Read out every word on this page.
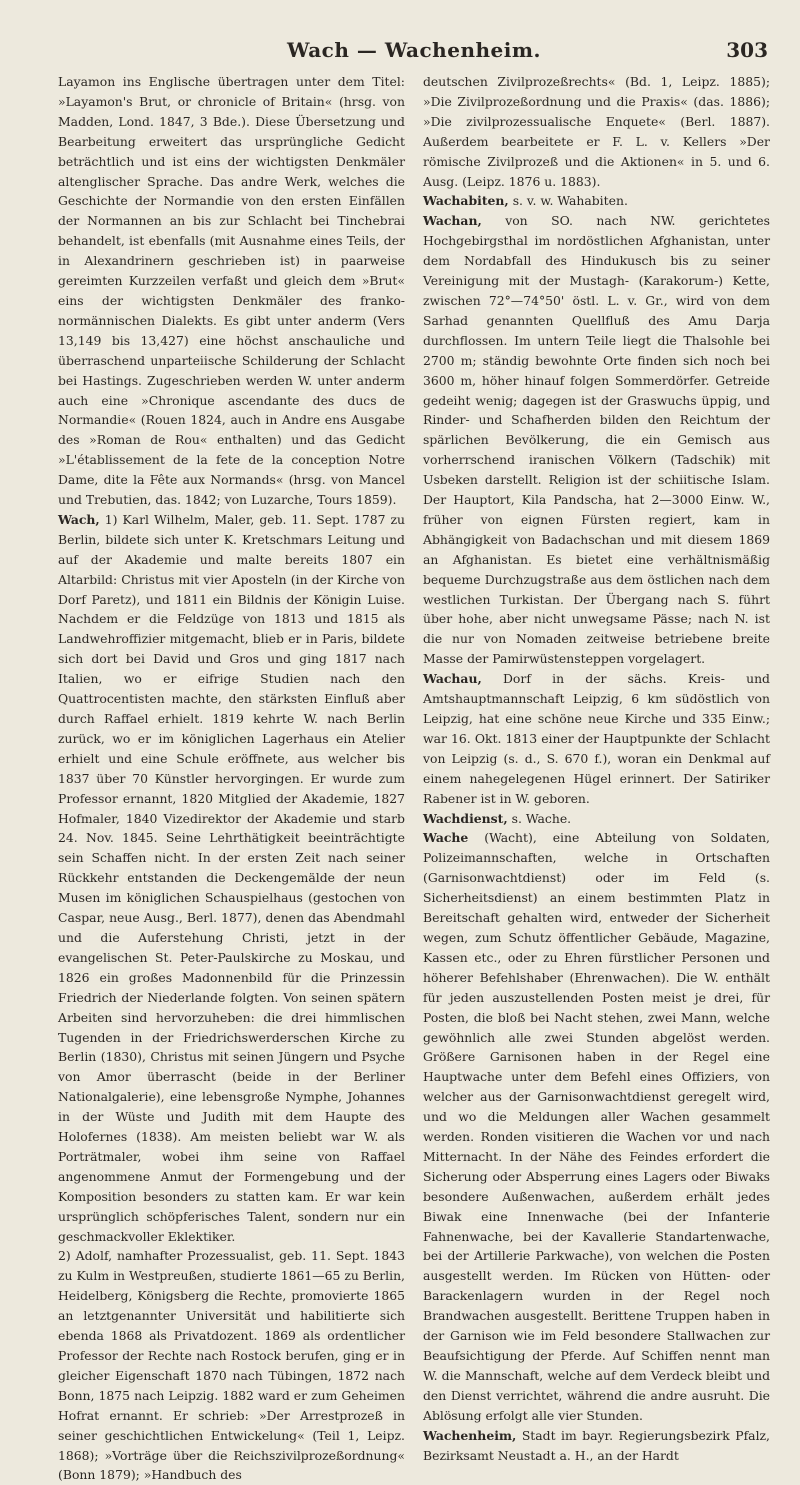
Wach — Wachenheim.	303

Layamon ins Englische übertragen unter dem Titel: »Layamon's Brut, or chronicle of Britain« (hrsg. von Madden, Lond. 1847, 3 Bde.). Diese Übersetzung und Bearbeitung erweitert das ursprüngliche Gedicht beträchtlich und ist eins der wichtigsten Denkmäler altenglischer Sprache. Das andre Werk, welches die Geschichte der Normandie von den ersten Einfällen der Normannen an bis zur Schlacht bei Tinchebrai behandelt, ist ebenfalls (mit Ausnahme eines Teils, der in Alexandrinern geschrieben ist) in paarweise gereimten Kurzzeilen verfaßt und gleich dem »Brut« eins der wichtigsten Denkmäler des franko-normännischen Dialekts. Es gibt unter anderm (Vers 13,149 bis 13,427) eine höchst anschauliche und überraschend unparteiische Schilderung der Schlacht bei Hastings. Zugeschrieben werden W. unter anderm auch eine »Chronique ascendante des ducs de Normandie« (Rouen 1824, auch in Andre ens Ausgabe des »Roman de Rou« enthalten) und das Gedicht »L'établissement de la fete de la conception Notre Dame, dite la Fête aux Normands« (hrsg. von Mancel und Trebutien, das. 1842; von Luzarche, Tours 1859).

Wach, 1) Karl Wilhelm, Maler, geb. 11. Sept. 1787 zu Berlin, bildete sich unter K. Kretschmars Leitung und auf der Akademie und malte bereits 1807 ein Altarbild: Christus mit vier Aposteln (in der Kirche von Dorf Paretz), und 1811 ein Bildnis der Königin Luise. Nachdem er die Feldzüge von 1813 und 1815 als Landwehroffizier mitgemacht, blieb er in Paris, bildete sich dort bei David und Gros und ging 1817 nach Italien, wo er eifrige Studien nach den Quattrocentisten machte, den stärksten Einfluß aber durch Raffael erhielt. 1819 kehrte W. nach Berlin zurück, wo er im königlichen Lagerhaus ein Atelier erhielt und eine Schule eröffnete, aus welcher bis 1837 über 70 Künstler hervorgingen. Er wurde zum Professor ernannt, 1820 Mitglied der Akademie, 1827 Hofmaler, 1840 Vizedirektor der Akademie und starb 24. Nov. 1845. Seine Lehrthätigkeit beeinträchtigte sein Schaffen nicht. In der ersten Zeit nach seiner Rückkehr entstanden die Deckengemälde der neun Musen im königlichen Schauspielhaus (gestochen von Caspar, neue Ausg., Berl. 1877), denen das Abendmahl und die Auferstehung Christi, jetzt in der evangelischen St. Peter-Paulskirche zu Moskau, und 1826 ein großes Madonnenbild für die Prinzessin Friedrich der Niederlande folgten. Von seinen spätern Arbeiten sind hervorzuheben: die drei himmlischen Tugenden in der Friedrichswerderschen Kirche zu Berlin (1830), Christus mit seinen Jüngern und Psyche von Amor überrascht (beide in der Berliner Nationalgalerie), eine lebensgroße Nymphe, Johannes in der Wüste und Judith mit dem Haupte des Holofernes (1838). Am meisten beliebt war W. als Porträtmaler, wobei ihm seine von Raffael angenommene Anmut der Formengebung und der Komposition besonders zu statten kam. Er war kein ursprünglich schöpferisches Talent, sondern nur ein geschmackvoller Eklektiker.

2) Adolf, namhafter Prozessualist, geb. 11. Sept. 1843 zu Kulm in Westpreußen, studierte 1861—65 zu Berlin, Heidelberg, Königsberg die Rechte, promovierte 1865 an letztgenannter Universität und habilitierte sich ebenda 1868 als Privatdozent. 1869 als ordentlicher Professor der Rechte nach Rostock berufen, ging er in gleicher Eigenschaft 1870 nach Tübingen, 1872 nach Bonn, 1875 nach Leipzig. 1882 ward er zum Geheimen Hofrat ernannt. Er schrieb: »Der Arrestprozeß in seiner geschichtlichen Entwickelung« (Teil 1, Leipz. 1868); »Vorträge über die Reichszivilprozeßordnung« (Bonn 1879); »Handbuch des

deutschen Zivilprozeßrechts« (Bd. 1, Leipz. 1885); »Die Zivilprozeßordnung und die Praxis« (das. 1886); »Die zivilprozessualische Enquete« (Berl. 1887). Außerdem bearbeitete er F. L. v. Kellers »Der römische Zivilprozeß und die Aktionen« in 5. und 6. Ausg. (Leipz. 1876 u. 1883).

Wachabiten, s. v. w. Wahabiten.

Wachan, von SO. nach NW. gerichtetes Hochgebirgsthal im nordöstlichen Afghanistan, unter dem Nordabfall des Hindukusch bis zu seiner Vereinigung mit der Mustagh- (Karakorum-) Kette, zwischen 72°—74°50' östl. L. v. Gr., wird von dem Sarhad genannten Quellfluß des Amu Darja durchflossen. Im untern Teile liegt die Thalsohle bei 2700 m; ständig bewohnte Orte finden sich noch bei 3600 m, höher hinauf folgen Sommerdörfer. Getreide gedeiht wenig; dagegen ist der Graswuchs üppig, und Rinder- und Schafherden bilden den Reichtum der spärlichen Bevölkerung, die ein Gemisch aus vorherrschend iranischen Völkern (Tadschik) mit Usbeken darstellt. Religion ist der schiitische Islam. Der Hauptort, Kila Pandscha, hat 2—3000 Einw. W., früher von eignen Fürsten regiert, kam in Abhängigkeit von Badachschan und mit diesem 1869 an Afghanistan. Es bietet eine verhältnismäßig bequeme Durchzugstraße aus dem östlichen nach dem westlichen Turkistan. Der Übergang nach S. führt über hohe, aber nicht unwegsame Pässe; nach N. ist die nur von Nomaden zeitweise betriebene breite Masse der Pamirwüstensteppen vorgelagert.

Wachau, Dorf in der sächs. Kreis- und Amtshauptmannschaft Leipzig, 6 km südöstlich von Leipzig, hat eine schöne neue Kirche und 335 Einw.; war 16. Okt. 1813 einer der Hauptpunkte der Schlacht von Leipzig (s. d., S. 670 f.), woran ein Denkmal auf einem nahegelegenen Hügel erinnert. Der Satiriker Rabener ist in W. geboren.

Wachdienst, s. Wache.

Wache (Wacht), eine Abteilung von Soldaten, Polizeimannschaften, welche in Ortschaften (Garnisonwachtdienst) oder im Feld (s. Sicherheitsdienst) an einem bestimmten Platz in Bereitschaft gehalten wird, entweder der Sicherheit wegen, zum Schutz öffentlicher Gebäude, Magazine, Kassen etc., oder zu Ehren fürstlicher Personen und höherer Befehlshaber (Ehrenwachen). Die W. enthält für jeden auszustellenden Posten meist je drei, für Posten, die bloß bei Nacht stehen, zwei Mann, welche gewöhnlich alle zwei Stunden abgelöst werden. Größere Garnisonen haben in der Regel eine Hauptwache unter dem Befehl eines Offiziers, von welcher aus der Garnisonwachtdienst geregelt wird, und wo die Meldungen aller Wachen gesammelt werden. Ronden visitieren die Wachen vor und nach Mitternacht. In der Nähe des Feindes erfordert die Sicherung oder Absperrung eines Lagers oder Biwaks besondere Außenwachen, außerdem erhält jedes Biwak eine Innenwache (bei der Infanterie Fahnenwache, bei der Kavallerie Standartenwache, bei der Artillerie Parkwache), von welchen die Posten ausgestellt werden. Im Rücken von Hütten- oder Barackenlagern wurden in der Regel noch Brandwachen ausgestellt. Berittene Truppen haben in der Garnison wie im Feld besondere Stallwachen zur Beaufsichtigung der Pferde. Auf Schiffen nennt man W. die Mannschaft, welche auf dem Verdeck bleibt und den Dienst verrichtet, während die andre ausruht. Die Ablösung erfolgt alle vier Stunden.

Wachenheim, Stadt im bayr. Regierungsbezirk Pfalz, Bezirksamt Neustadt a. H., an der Hardt
